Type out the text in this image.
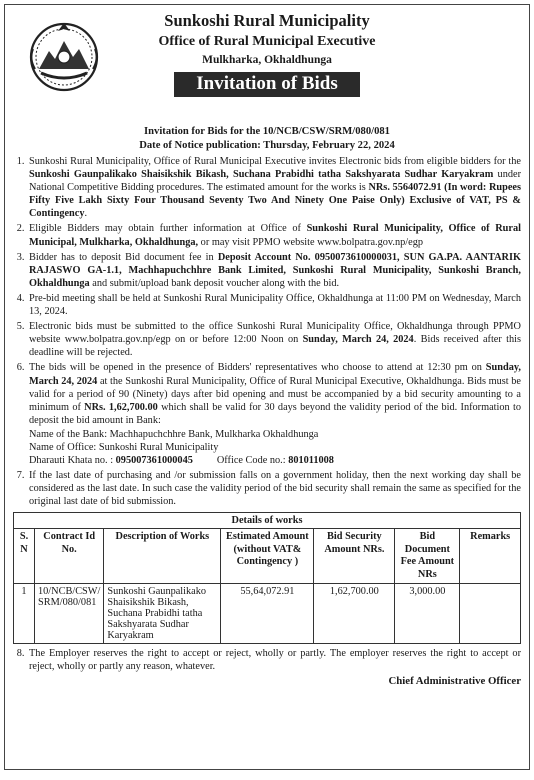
Sunkoshi Rural Municipality
Office of Rural Municipal Executive
Mulkharka, Okhaldhunga
Invitation of Bids
Invitation for Bids for the 10/NCB/CSW/SRM/080/081
Date of Notice publication: Thursday, February 22, 2024
1. Sunkoshi Rural Municipality, Office of Rural Municipal Executive invites Electronic bids from eligible bidders for the Sunkoshi Gaunpalikako Shaisikshik Bikash, Suchana Prabidhi tatha Sakshyarata Sudhar Karyakram under National Competitive Bidding procedures. The estimated amount for the works is NRs. 5564072.91 (In word: Rupees Fifty Five Lakh Sixty Four Thousand Seventy Two And Ninety One Paise Only) Exclusive of VAT, PS & Contingency.
2. Eligible Bidders may obtain further information at Office of Sunkoshi Rural Municipality, Office of Rural Municipal, Mulkharka, Okhaldhunga, or may visit PPMO website www.bolpatra.gov.np/egp
3. Bidder has to deposit Bid document fee in Deposit Account No. 0950073610000031, SUN GA.PA. AANTARIK RAJASWO GA-1.1, Machhapuchchhre Bank Limited, Sunkoshi Rural Municipality, Sunkoshi Branch, Okhaldhunga and submit/upload bank deposit voucher along with the bid.
4. Pre-bid meeting shall be held at Sunkoshi Rural Municipality Office, Okhaldhunga at 11:00 PM on Wednesday, March 13, 2024.
5. Electronic bids must be submitted to the office Sunkoshi Rural Municipality Office, Okhaldhunga through PPMO website www.bolpatra.gov.np/egp on or before 12:00 Noon on Sunday, March 24, 2024. Bids received after this deadline will be rejected.
6. The bids will be opened in the presence of Bidders' representatives who choose to attend at 12:30 pm on Sunday, March 24, 2024 at the Sunkoshi Rural Municipality, Office of Rural Municipal Executive, Okhaldhunga. Bids must be valid for a period of 90 (Ninety) days after bid opening and must be accompanied by a bid security amounting to a minimum of NRs. 1,62,700.00 which shall be valid for 30 days beyond the validity period of the bid. Information to deposit the bid amount in Bank:
Name of the Bank: Machhapuchchhre Bank, Mulkharka Okhaldhunga
Name of Office: Sunkoshi Rural Municipality
Dharauti Khata no. : 095007361000045 Office Code no.: 801011008
7. If the last date of purchasing and /or submission falls on a government holiday, then the next working day shall be considered as the last date. In such case the validity period of the bid security shall remain the same as specified for the original last date of bid submission.
Details of works						
S. N	Contract Id No.	Description of Works	Estimated Amount (without VAT& Contingency )	Bid Security Amount NRs.	Bid Document Fee Amount NRs	Remarks
1	10/NCB/CSW/ SRM/080/081	Sunkoshi Gaunpalikako Shaisikshik Bikash, Suchana Prabidhi tatha Sakshyarata Sudhar Karyakram	55,64,072.91	1,62,700.00	3,000.00	
8. The Employer reserves the right to accept or reject, wholly or partly. The employer reserves the right to accept or reject, wholly or partly any reason, whatever.
Chief Administrative Officer
